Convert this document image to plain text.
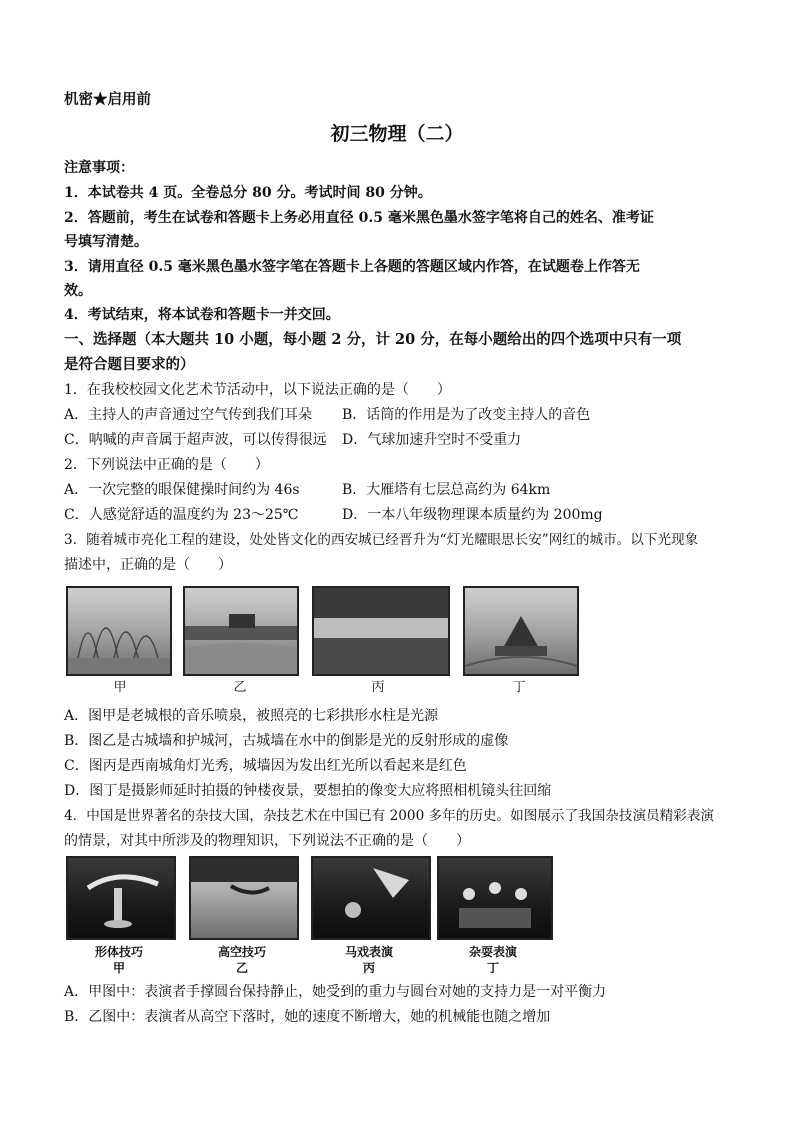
机密★启用前
初三物理（二）
注意事项：
1．本试卷共 4 页。全卷总分 80 分。考试时间 80 分钟。
2．答题前，考生在试卷和答题卡上务必用直径 0.5 毫米黑色墨水签字笔将自己的姓名、准考证
号填写清楚。
3．请用直径 0.5 毫米黑色墨水签字笔在答题卡上各题的答题区域内作答，在试题卷上作答无
效。
4．考试结束，将本试卷和答题卡一并交回。
一、选择题（本大题共 10 小题，每小题 2 分，计 20 分，在每小题给出的四个选项中只有一项
是符合题目要求的）
1．在我校校园文化艺术节活动中，以下说法正确的是（　　）
A．主持人的声音通过空气传到我们耳朵 B．话筒的作用是为了改变主持人的音色
C．呐喊的声音属于超声波，可以传得很远 D．气球加速升空时不受重力
2．下列说法中正确的是（　　）
A．一次完整的眼保健操时间约为 46s	B．大雁塔有七层总高约为 64km
C．人感觉舒适的温度约为 23～25℃	D．一本八年级物理课本质量约为 200mg
3．随着城市亮化工程的建设，处处皆文化的西安城已经晋升为“灯光耀眼思长安”网红的城市。以下光现象
描述中，正确的是（　　）
甲	乙	丙	丁
A．图甲是老城根的音乐喷泉，被照亮的七彩拱形水柱是光源
B．图乙是古城墙和护城河，古城墙在水中的倒影是光的反射形成的虚像
C．图丙是西南城角灯光秀，城墙因为发出红光所以看起来是红色
D．图丁是摄影师延时拍摄的钟楼夜景，要想拍的像变大应将照相机镜头往回缩
4．中国是世界著名的杂技大国，杂技艺术在中国已有 2000 多年的历史。如图展示了我国杂技演员精彩表演
的情景，对其中所涉及的物理知识，下列说法不正确的是（　　）
形体技巧
甲
高空技巧
乙
马戏表演
丙
杂耍表演
丁
A．甲图中：表演者手撑圆台保持静止，她受到的重力与圆台对她的支持力是一对平衡力
B．乙图中：表演者从高空下落时，她的速度不断增大，她的机械能也随之增加
